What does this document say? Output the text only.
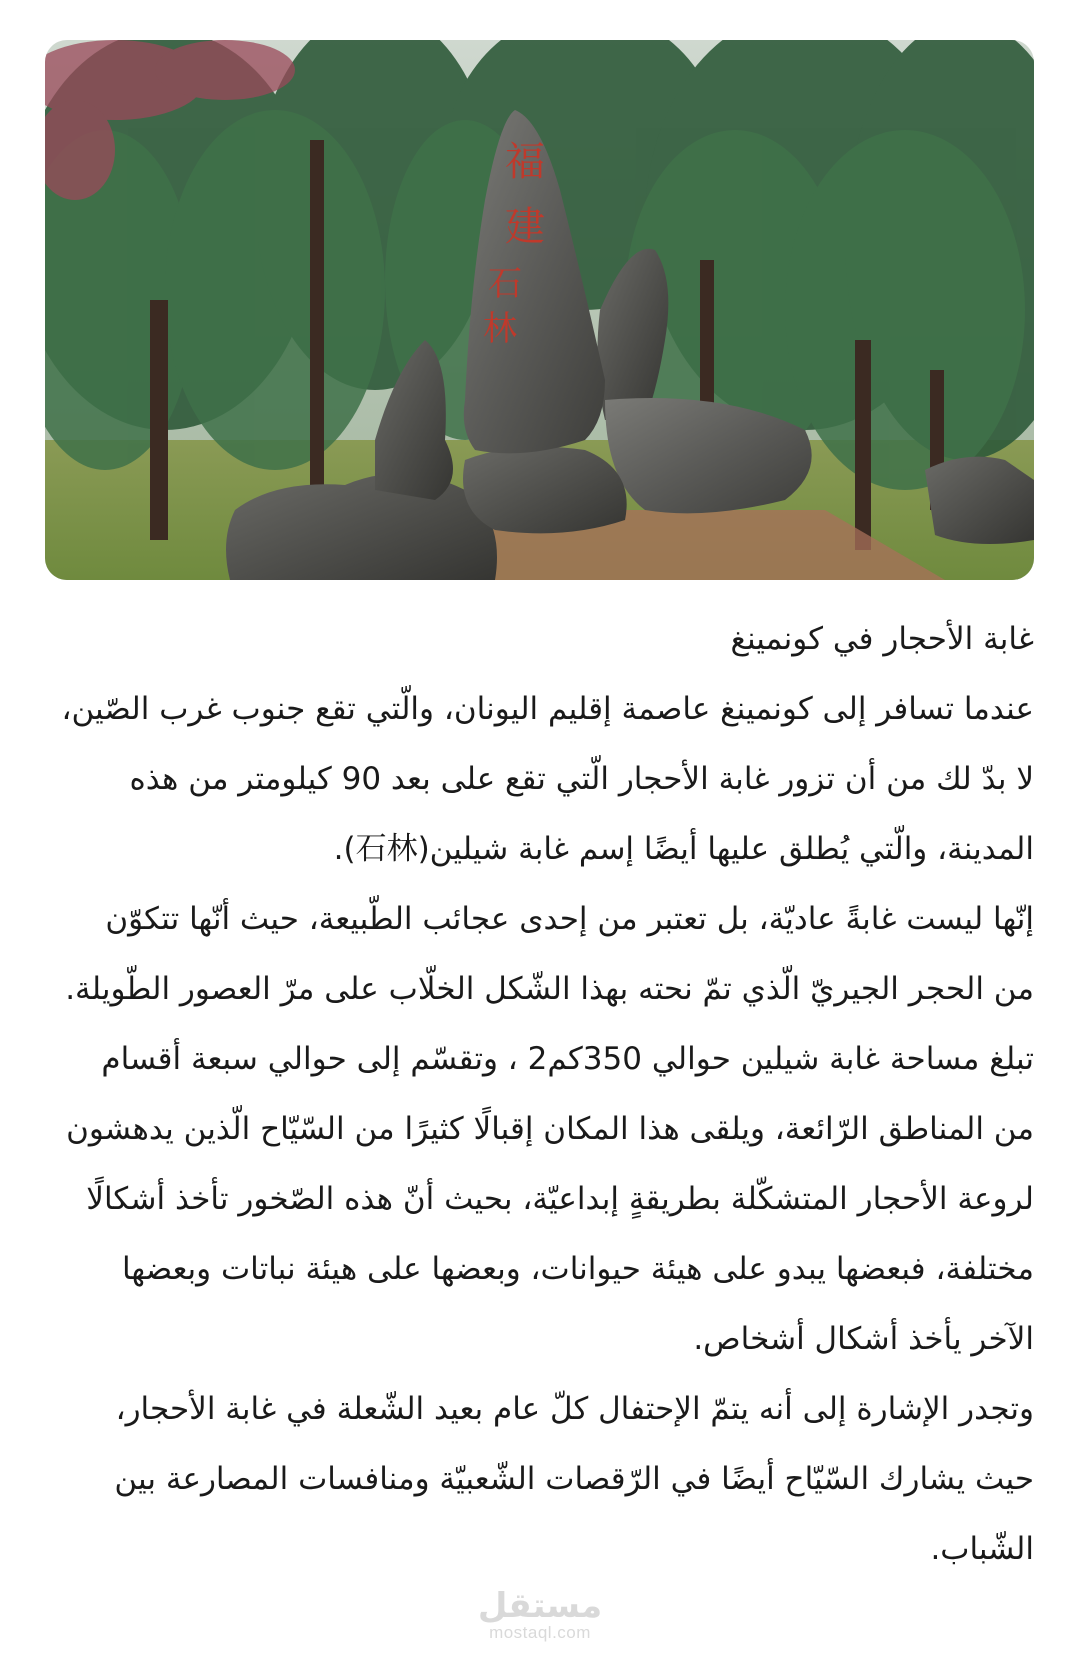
福
建
石
林

غابة الأحجار في كونمينغ

عندما تسافر إلى كونمينغ عاصمة إقليم اليونان، والّتي تقع جنوب غرب الصّين، لا بدّ لك من أن تزور غابة الأحجار الّتي تقع على بعد 90 كيلومتر من هذه المدينة، والّتي يُطلق عليها أيضًا إسم غابة شيلين(石林).

إنّها ليست غابةً عاديّة، بل تعتبر من إحدى عجائب الطّبيعة، حيث أنّها تتكوّن من الحجر الجيريّ الّذي تمّ نحته بهذا الشّكل الخلّاب على مرّ العصور الطّويلة.

تبلغ مساحة غابة شيلين حوالي 350كم2 ، وتقسّم إلى حوالي سبعة أقسام من المناطق الرّائعة، ويلقى هذا المكان إقبالًا كثيرًا من السّيّاح الّذين يدهشون لروعة الأحجار المتشكّلة بطريقةٍ إبداعيّة، بحيث أنّ هذه الصّخور تأخذ أشكالًا مختلفة، فبعضها يبدو على هيئة حيوانات، وبعضها على هيئة نباتات وبعضها الآخر يأخذ أشكال أشخاص.

وتجدر الإشارة إلى أنه يتمّ الإحتفال كلّ عام بعيد الشّعلة في غابة الأحجار، حيث يشارك السّيّاح أيضًا في الرّقصات الشّعبيّة ومنافسات المصارعة بين الشّباب.

مستقل
mostaql.com
